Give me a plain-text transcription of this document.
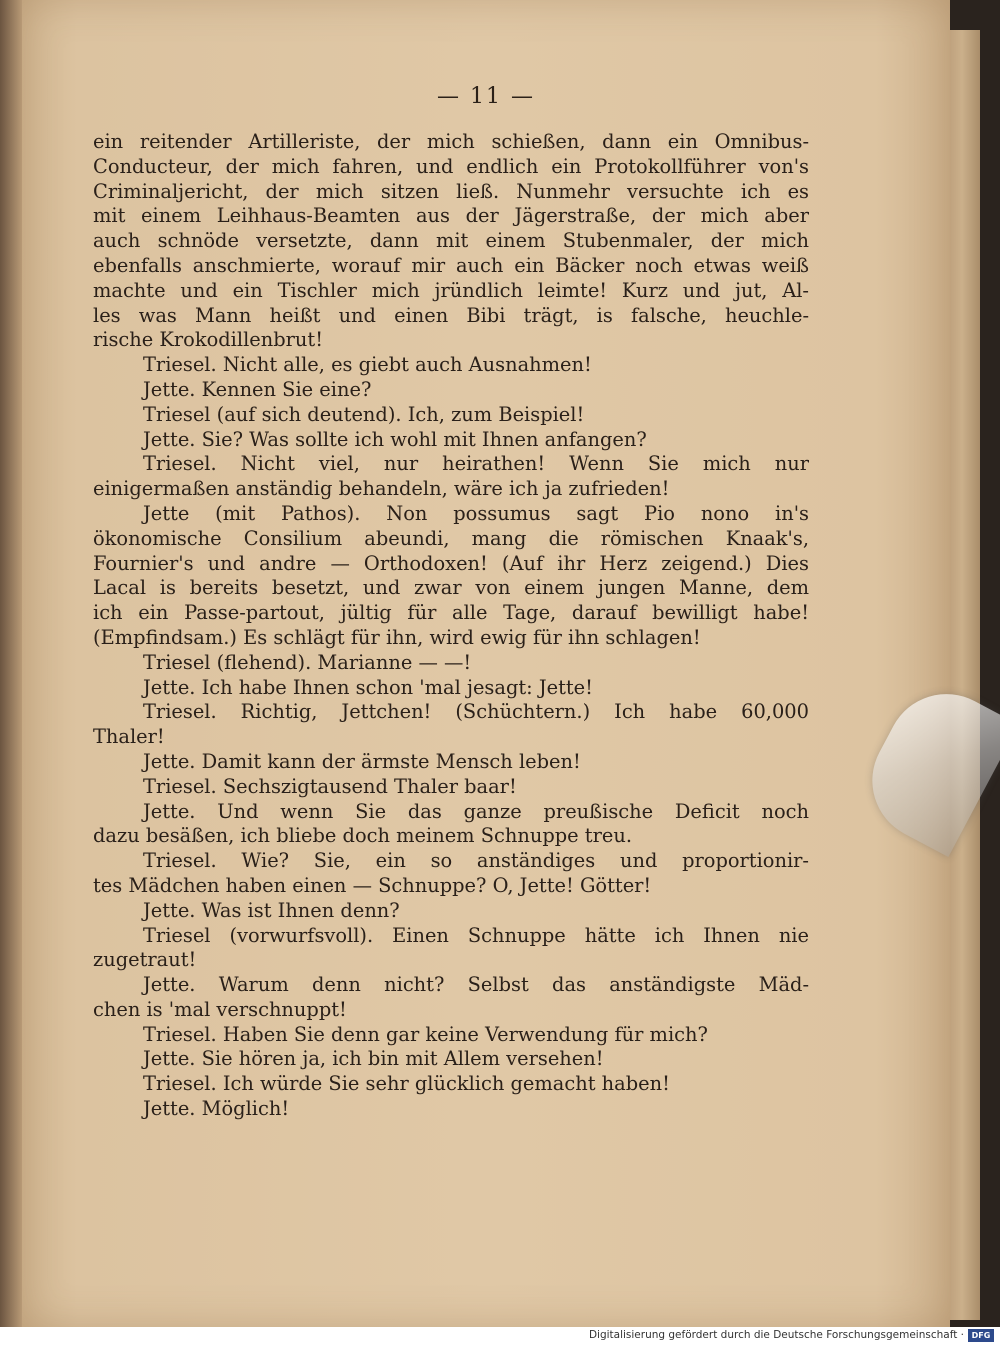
— 11 —
ein reitender Artilleriste, der mich schießen, dann ein Omnibus-
Conducteur, der mich fahren, und endlich ein Protokollführer von's
Criminaljericht, der mich sitzen ließ. Nunmehr versuchte ich es
mit einem Leihhaus-Beamten aus der Jägerstraße, der mich aber
auch schnöde versetzte, dann mit einem Stubenmaler, der mich
ebenfalls anschmierte, worauf mir auch ein Bäcker noch etwas weiß
machte und ein Tischler mich jründlich leimte! Kurz und jut, Al-
les was Mann heißt und einen Bibi trägt, is falsche, heuchle-
rische Krokodillenbrut!
Triesel. Nicht alle, es giebt auch Ausnahmen!
Jette. Kennen Sie eine?
Triesel (auf sich deutend). Ich, zum Beispiel!
Jette. Sie? Was sollte ich wohl mit Ihnen anfangen?
Triesel. Nicht viel, nur heirathen! Wenn Sie mich nur
einigermaßen anständig behandeln, wäre ich ja zufrieden!
Jette (mit Pathos). Non possumus sagt Pio nono in's
ökonomische Consilium abeundi, mang die römischen Knaak's,
Fournier's und andre — Orthodoxen! (Auf ihr Herz zeigend.) Dies
Lacal is bereits besetzt, und zwar von einem jungen Manne, dem
ich ein Passe-partout, jültig für alle Tage, darauf bewilligt habe!
(Empfindsam.) Es schlägt für ihn, wird ewig für ihn schlagen!
Triesel (flehend). Marianne — —!
Jette. Ich habe Ihnen schon 'mal jesagt: Jette!
Triesel. Richtig, Jettchen! (Schüchtern.) Ich habe 60,000
Thaler!
Jette. Damit kann der ärmste Mensch leben!
Triesel. Sechszigtausend Thaler baar!
Jette. Und wenn Sie das ganze preußische Deficit noch
dazu besäßen, ich bliebe doch meinem Schnuppe treu.
Triesel. Wie? Sie, ein so anständiges und proportionir-
tes Mädchen haben einen — Schnuppe? O, Jette! Götter!
Jette. Was ist Ihnen denn?
Triesel (vorwurfsvoll). Einen Schnuppe hätte ich Ihnen nie
zugetraut!
Jette. Warum denn nicht? Selbst das anständigste Mäd-
chen is 'mal verschnuppt!
Triesel. Haben Sie denn gar keine Verwendung für mich?
Jette. Sie hören ja, ich bin mit Allem versehen!
Triesel. Ich würde Sie sehr glücklich gemacht haben!
Jette. Möglich!
Digitalisierung gefördert durch die Deutsche Forschungsgemeinschaft · DFG
